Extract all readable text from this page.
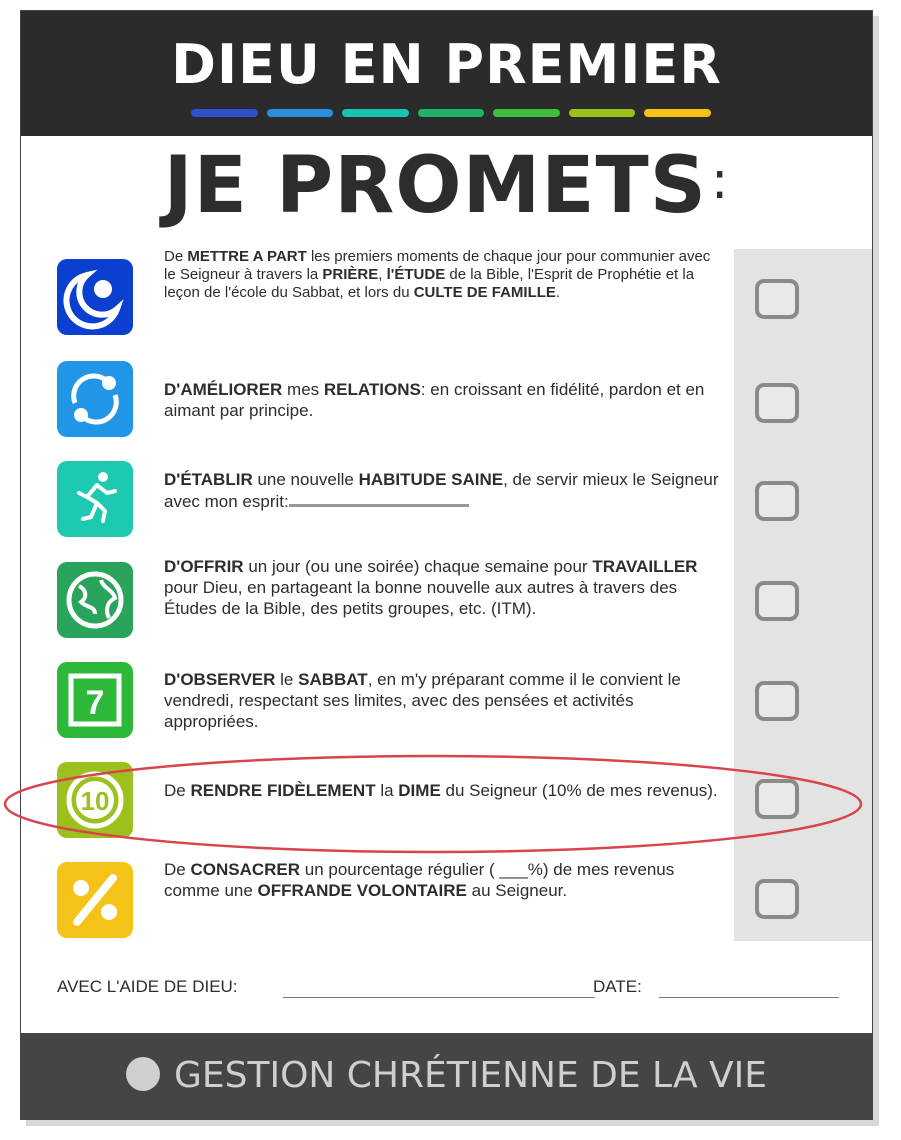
DIEU EN PREMIER
JE PROMETS:
De METTRE A PART les premiers moments de chaque jour pour communier avec le Seigneur à travers la PRIÈRE, l'ÉTUDE de la Bible, l'Esprit de Prophétie et la leçon de l'école du Sabbat, et lors du CULTE DE FAMILLE.
D'AMÉLIORER mes RELATIONS: en croissant en fidélité, pardon et en aimant par principe.
D'ÉTABLIR une nouvelle HABITUDE SAINE, de servir mieux le Seigneur avec mon esprit:
D'OFFRIR un jour (ou une soirée) chaque semaine pour TRAVAILLER pour Dieu, en partageant la bonne nouvelle aux autres à travers des Études de la Bible, des petits groupes, etc. (ITM).
7
D'OBSERVER le SABBAT, en m'y préparant comme il le convient le vendredi, respectant ses limites, avec des pensées et activités appropriées.
10	De RENDRE FIDÈLEMENT la DIME du Seigneur (10% de mes revenus).
De CONSACRER un pourcentage régulier ( ___%) de mes revenus comme une OFFRANDE VOLONTAIRE au Seigneur.
AVEC L'AIDE DE DIEU:	DATE:
GESTION CHRÉTIENNE DE LA VIE
